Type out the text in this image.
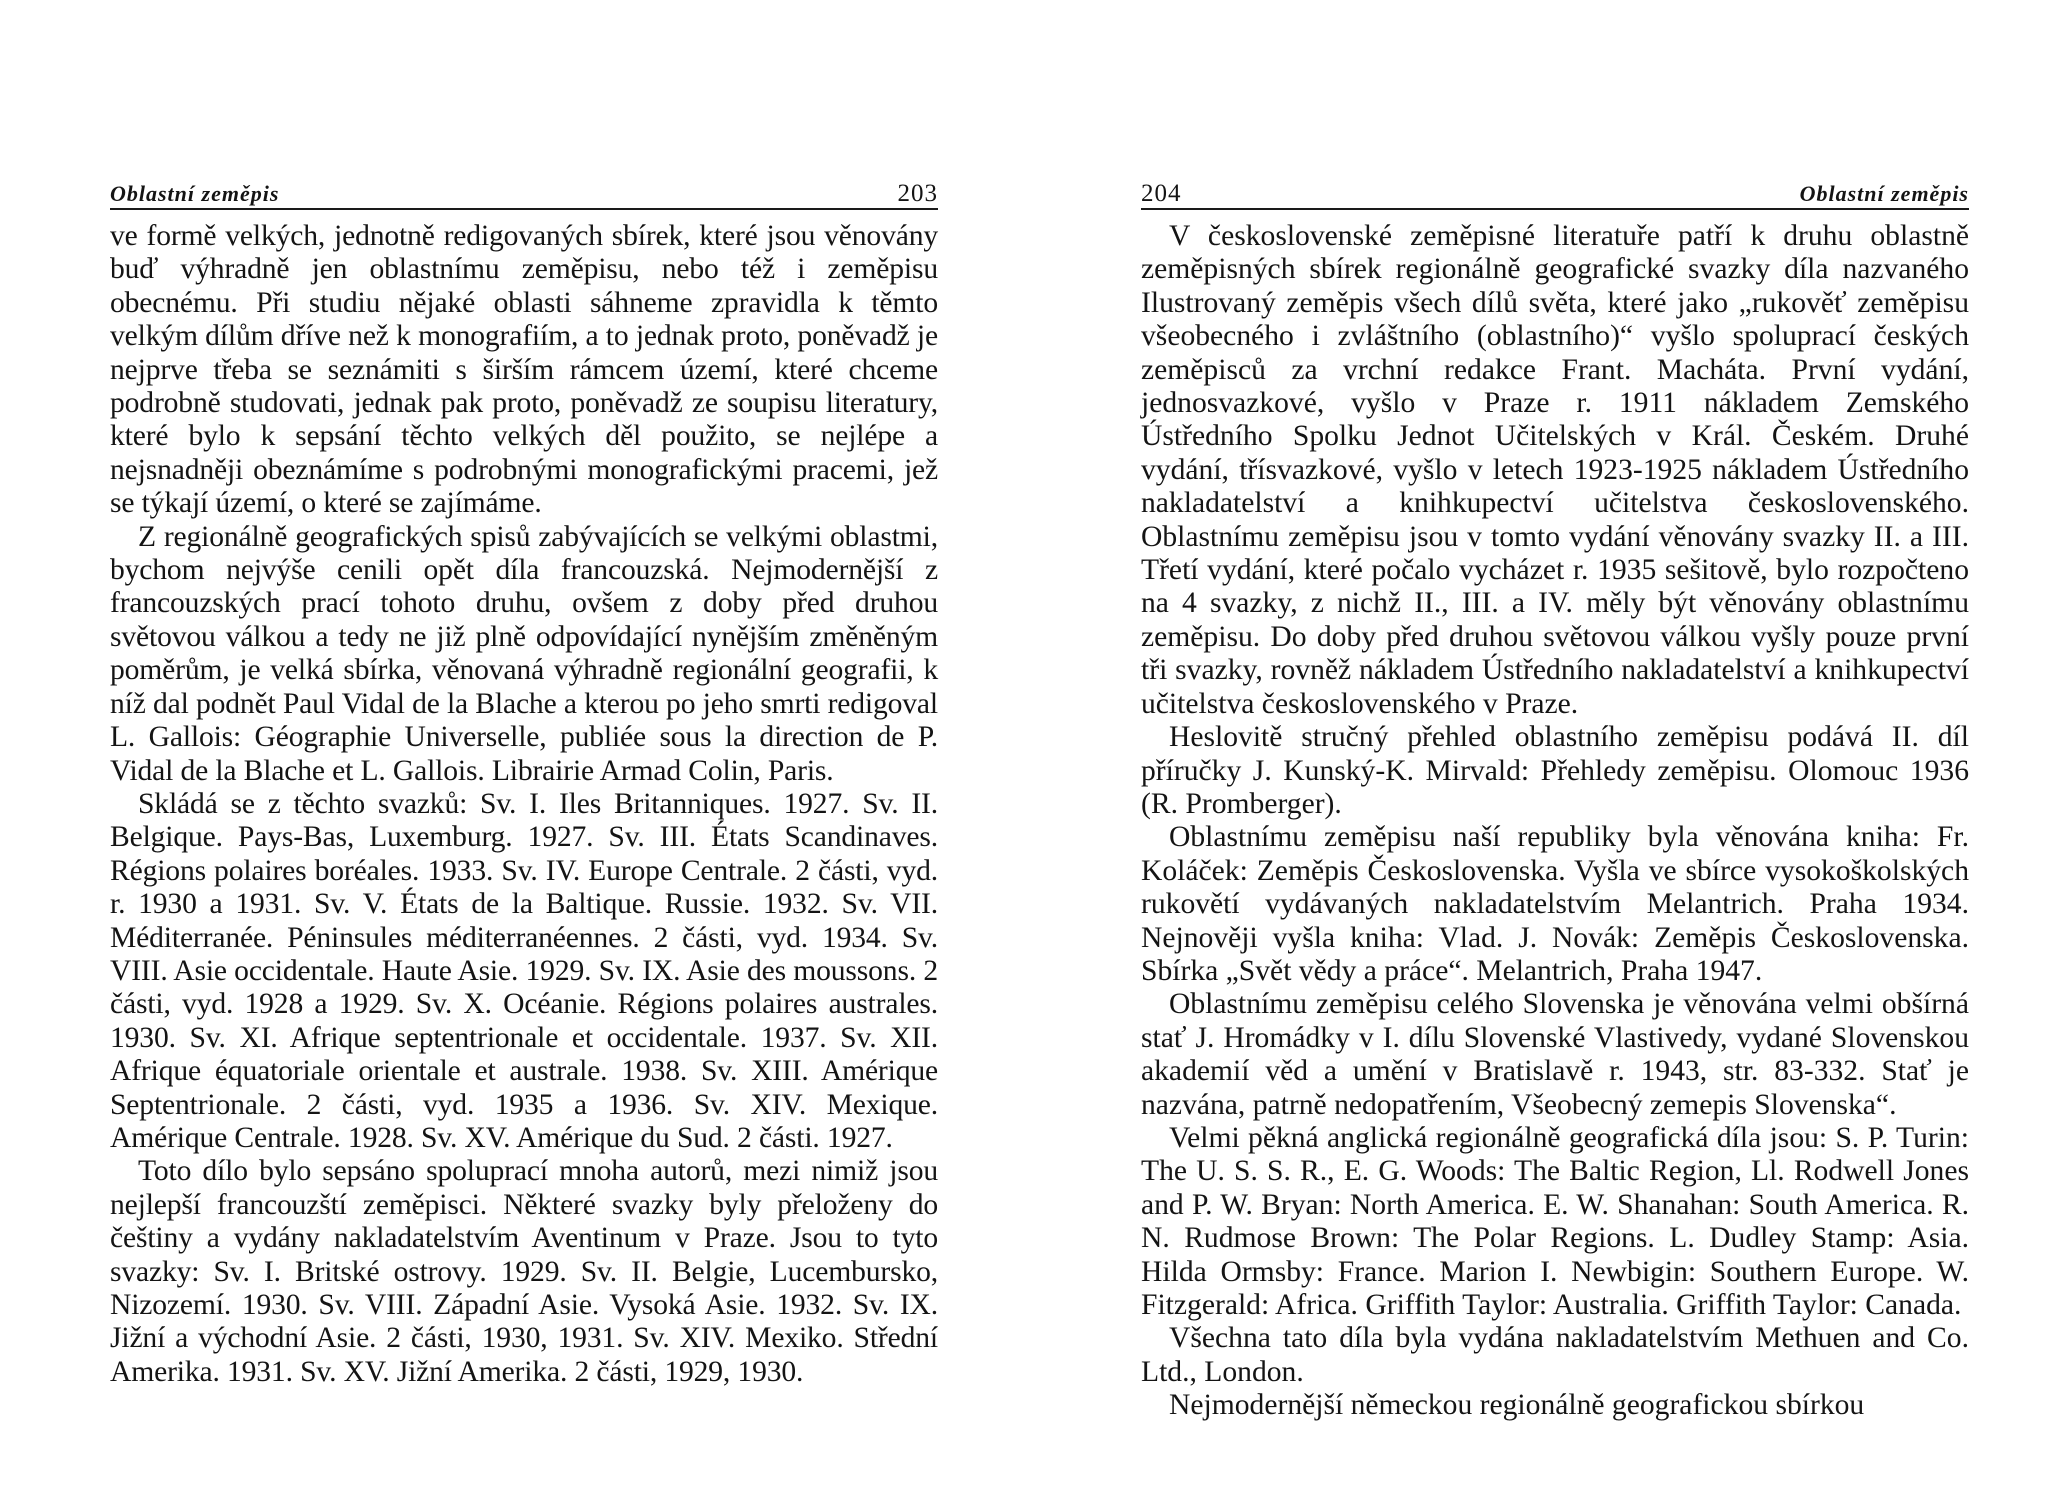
Oblastní zeměpis	203

ve formě velkých, jednotně redigovaných sbírek, které jsou věnovány buď výhradně jen oblastnímu zeměpisu, nebo též i zeměpisu obecnému. Při studiu nějaké oblasti sáhneme zpravidla k těmto velkým dílům dříve než k monografiím, a to jednak proto, poněvadž je nejprve třeba se seznámiti s širším rámcem území, které chceme podrobně studovati, jednak pak proto, poněvadž ze soupisu literatury, které bylo k sepsání těchto velkých děl použito, se nejlépe a nejsnadněji obeznámíme s podrobnými monografickými pracemi, jež se týkají území, o které se zajímáme.

Z regionálně geografických spisů zabývajících se velkými oblastmi, bychom nejvýše cenili opět díla francouzská. Nejmodernější z francouzských prací tohoto druhu, ovšem z doby před druhou světovou válkou a tedy ne již plně odpovídající nynějším změněným poměrům, je velká sbírka, věnovaná výhradně regionální geografii, k níž dal podnět Paul Vidal de la Blache a kterou po jeho smrti redigoval L. Gallois: Géographie Universelle, publiée sous la direction de P. Vidal de la Blache et L. Gallois. Librairie Armad Colin, Paris.

Skládá se z těchto svazků: Sv. I. Iles Britanniques. 1927. Sv. II. Belgique. Pays-Bas, Luxemburg. 1927. Sv. III. États Scandinaves. Régions polaires boréales. 1933. Sv. IV. Europe Centrale. 2 části, vyd. r. 1930 a 1931. Sv. V. États de la Baltique. Russie. 1932. Sv. VII. Méditerranée. Péninsules méditerranéennes. 2 části, vyd. 1934. Sv. VIII. Asie occidentale. Haute Asie. 1929. Sv. IX. Asie des moussons. 2 části, vyd. 1928 a 1929. Sv. X. Océanie. Régions polaires australes. 1930. Sv. XI. Afrique septentrionale et occidentale. 1937. Sv. XII. Afrique équatoriale orientale et australe. 1938. Sv. XIII. Amérique Septentrionale. 2 části, vyd. 1935 a 1936. Sv. XIV. Mexique. Amérique Centrale. 1928. Sv. XV. Amérique du Sud. 2 části. 1927.

Toto dílo bylo sepsáno spoluprací mnoha autorů, mezi nimiž jsou nejlepší francouzští zeměpisci. Některé svazky byly přeloženy do češtiny a vydány nakladatelstvím Aventinum v Praze. Jsou to tyto svazky: Sv. I. Britské ostrovy. 1929. Sv. II. Belgie, Lucembursko, Nizozemí. 1930. Sv. VIII. Západní Asie. Vysoká Asie. 1932. Sv. IX. Jižní a východní Asie. 2 části, 1930, 1931. Sv. XIV. Mexiko. Střední Amerika. 1931. Sv. XV. Jižní Amerika. 2 části, 1929, 1930.

204	Oblastní zeměpis

V československé zeměpisné literatuře patří k druhu oblastně zeměpisných sbírek regionálně geografické svazky díla nazvaného Ilustrovaný zeměpis všech dílů světa, které jako „rukověť zeměpisu všeobecného i zvláštního (oblastního)“ vyšlo spoluprací českých zeměpisců za vrchní redakce Frant. Macháta. První vydání, jednosvazkové, vyšlo v Praze r. 1911 nákladem Zemského Ústředního Spolku Jednot Učitelských v Král. Českém. Druhé vydání, třísvazkové, vyšlo v letech 1923-1925 nákladem Ústředního nakladatelství a knihkupectví učitelstva československého. Oblastnímu zeměpisu jsou v tomto vydání věnovány svazky II. a III. Třetí vydání, které počalo vycházet r. 1935 sešitově, bylo rozpočteno na 4 svazky, z nichž II., III. a IV. měly být věnovány oblastnímu zeměpisu. Do doby před druhou světovou válkou vyšly pouze první tři svazky, rovněž nákladem Ústředního nakladatelství a knihkupectví učitelstva československého v Praze.

Heslovitě stručný přehled oblastního zeměpisu podává II. díl příručky J. Kunský-K. Mirvald: Přehledy zeměpisu. Olomouc 1936 (R. Promberger).

Oblastnímu zeměpisu naší republiky byla věnována kniha: Fr. Koláček: Zeměpis Československa. Vyšla ve sbírce vysokoškolských rukovětí vydávaných nakladatelstvím Melantrich. Praha 1934. Nejnověji vyšla kniha: Vlad. J. Novák: Zeměpis Československa. Sbírka „Svět vědy a práce“. Melantrich, Praha 1947.

Oblastnímu zeměpisu celého Slovenska je věnována velmi obšírná stať J. Hromádky v I. dílu Slovenské Vlastivedy, vydané Slovenskou akademií věd a umění v Bratislavě r. 1943, str. 83-332. Stať je nazvána, patrně nedopatřením, Všeobecný zemepis Slovenska“.

Velmi pěkná anglická regionálně geografická díla jsou: S. P. Turin: The U. S. S. R., E. G. Woods: The Baltic Region, Ll. Rodwell Jones and P. W. Bryan: North America. E. W. Shanahan: South America. R. N. Rudmose Brown: The Polar Regions. L. Dudley Stamp: Asia. Hilda Ormsby: France. Marion I. Newbigin: Southern Europe. W. Fitzgerald: Africa. Griffith Taylor: Australia. Griffith Taylor: Canada.

Všechna tato díla byla vydána nakladatelstvím Methuen and Co. Ltd., London.

Nejmodernější německou regionálně geografickou sbírkou
